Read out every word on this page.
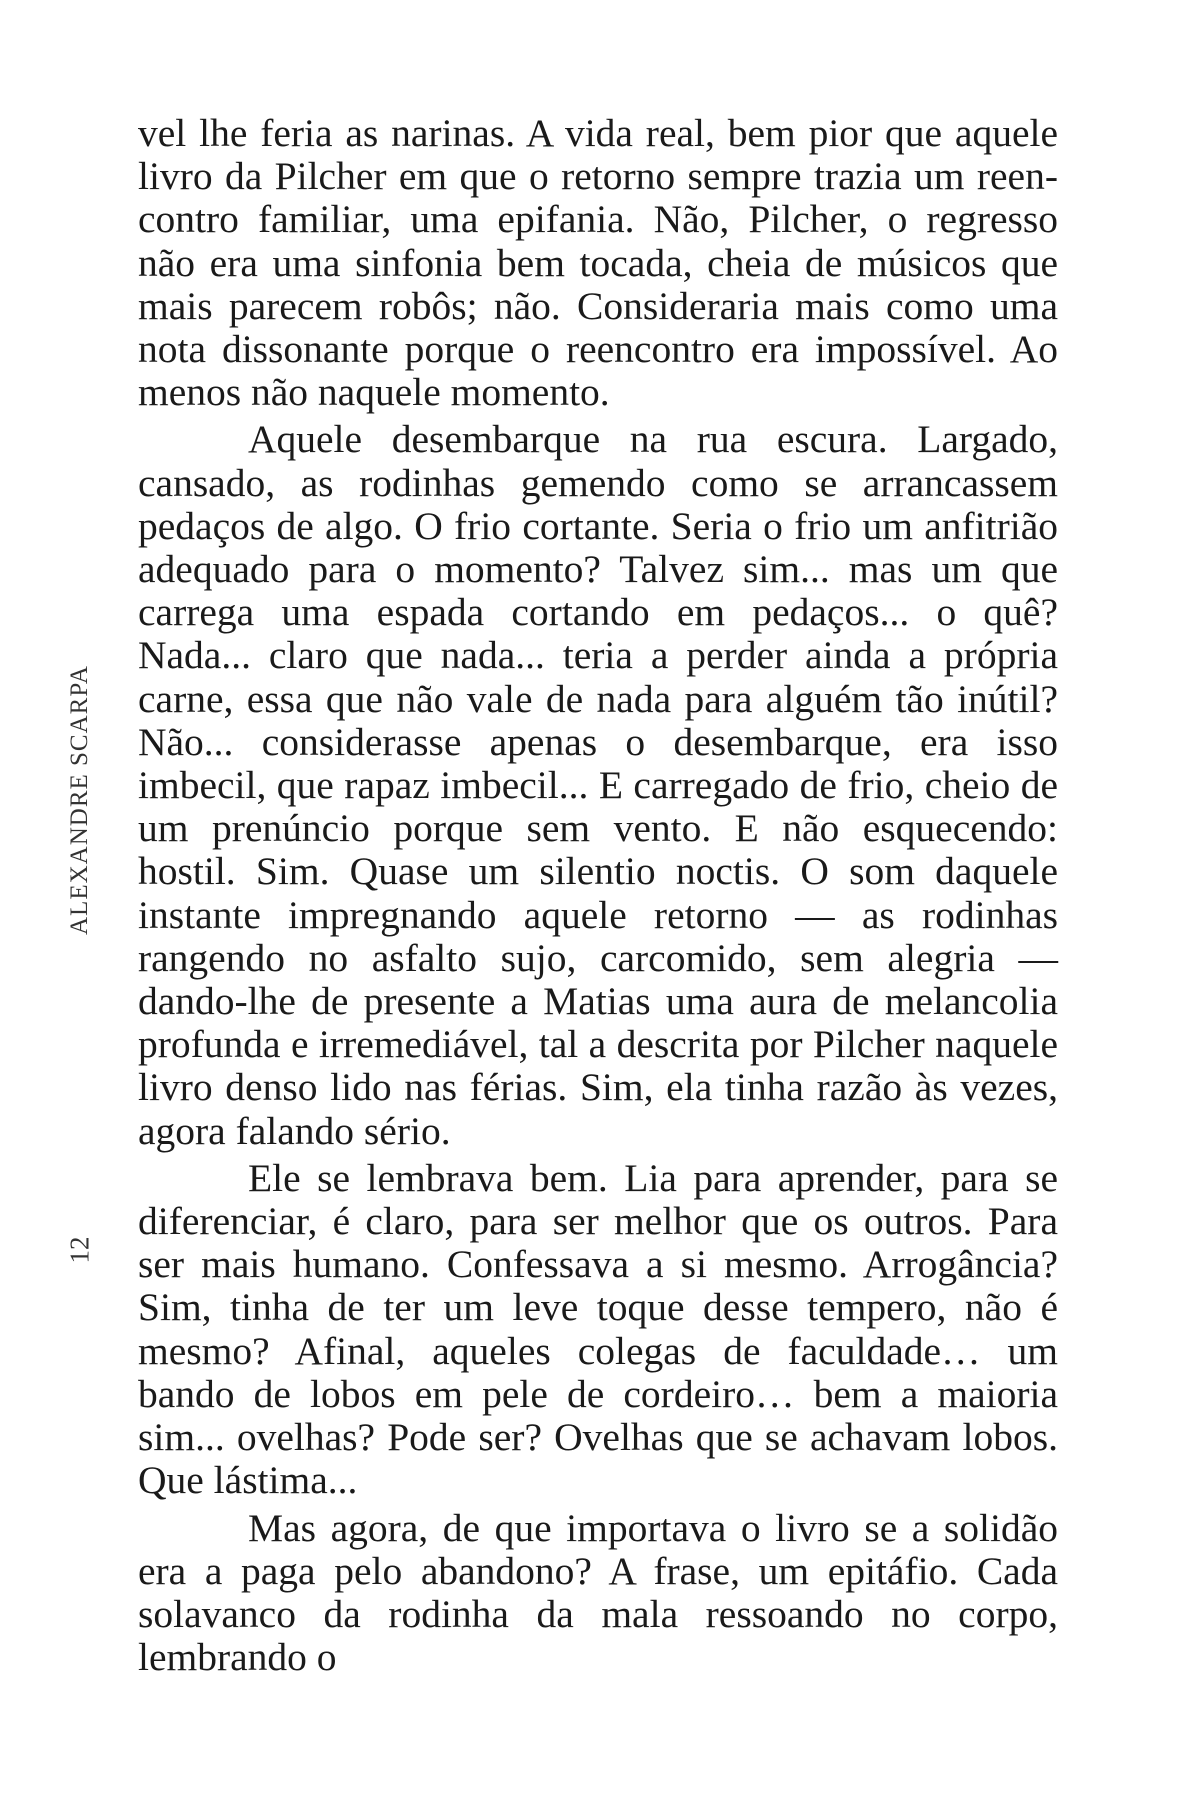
ALEXANDRE SCARPA
12

vel lhe feria as narinas. A vida real, bem pior que aquele livro da Pilcher em que o retorno sempre trazia um reencontro familiar, uma epifania. Não, Pilcher, o regresso não era uma sinfonia bem tocada, cheia de músicos que mais parecem robôs; não. Consideraria mais como uma nota dissonante porque o reencontro era impossível. Ao menos não naquele momento.

Aquele desembarque na rua escura. Largado, cansado, as rodinhas gemendo como se arrancassem pedaços de algo. O frio cortante. Seria o frio um anfitrião adequado para o momento? Talvez sim... mas um que carrega uma espada cortando em pedaços... o quê? Nada... claro que nada... teria a perder ainda a própria carne, essa que não vale de nada para alguém tão inútil? Não... considerasse apenas o desembarque, era isso imbecil, que rapaz imbecil... E carregado de frio, cheio de um prenúncio porque sem vento. E não esquecendo: hostil. Sim. Quase um silentio noctis. O som daquele instante impregnando aquele retorno — as rodinhas rangendo no asfalto sujo, carcomido, sem alegria — dando-lhe de presente a Matias uma aura de melancolia profunda e irremediável, tal a descrita por Pilcher naquele livro denso lido nas férias. Sim, ela tinha razão às vezes, agora falando sério.

Ele se lembrava bem. Lia para aprender, para se diferenciar, é claro, para ser melhor que os outros. Para ser mais humano. Confessava a si mesmo. Arrogância? Sim, tinha de ter um leve toque desse tempero, não é mesmo? Afinal, aqueles colegas de faculdade… um bando de lobos em pele de cordeiro… bem a maioria sim... ovelhas? Pode ser? Ovelhas que se achavam lobos. Que lástima...

Mas agora, de que importava o livro se a solidão era a paga pelo abandono? A frase, um epitáfio. Cada solavanco da rodinha da mala ressoando no corpo, lembrando o
